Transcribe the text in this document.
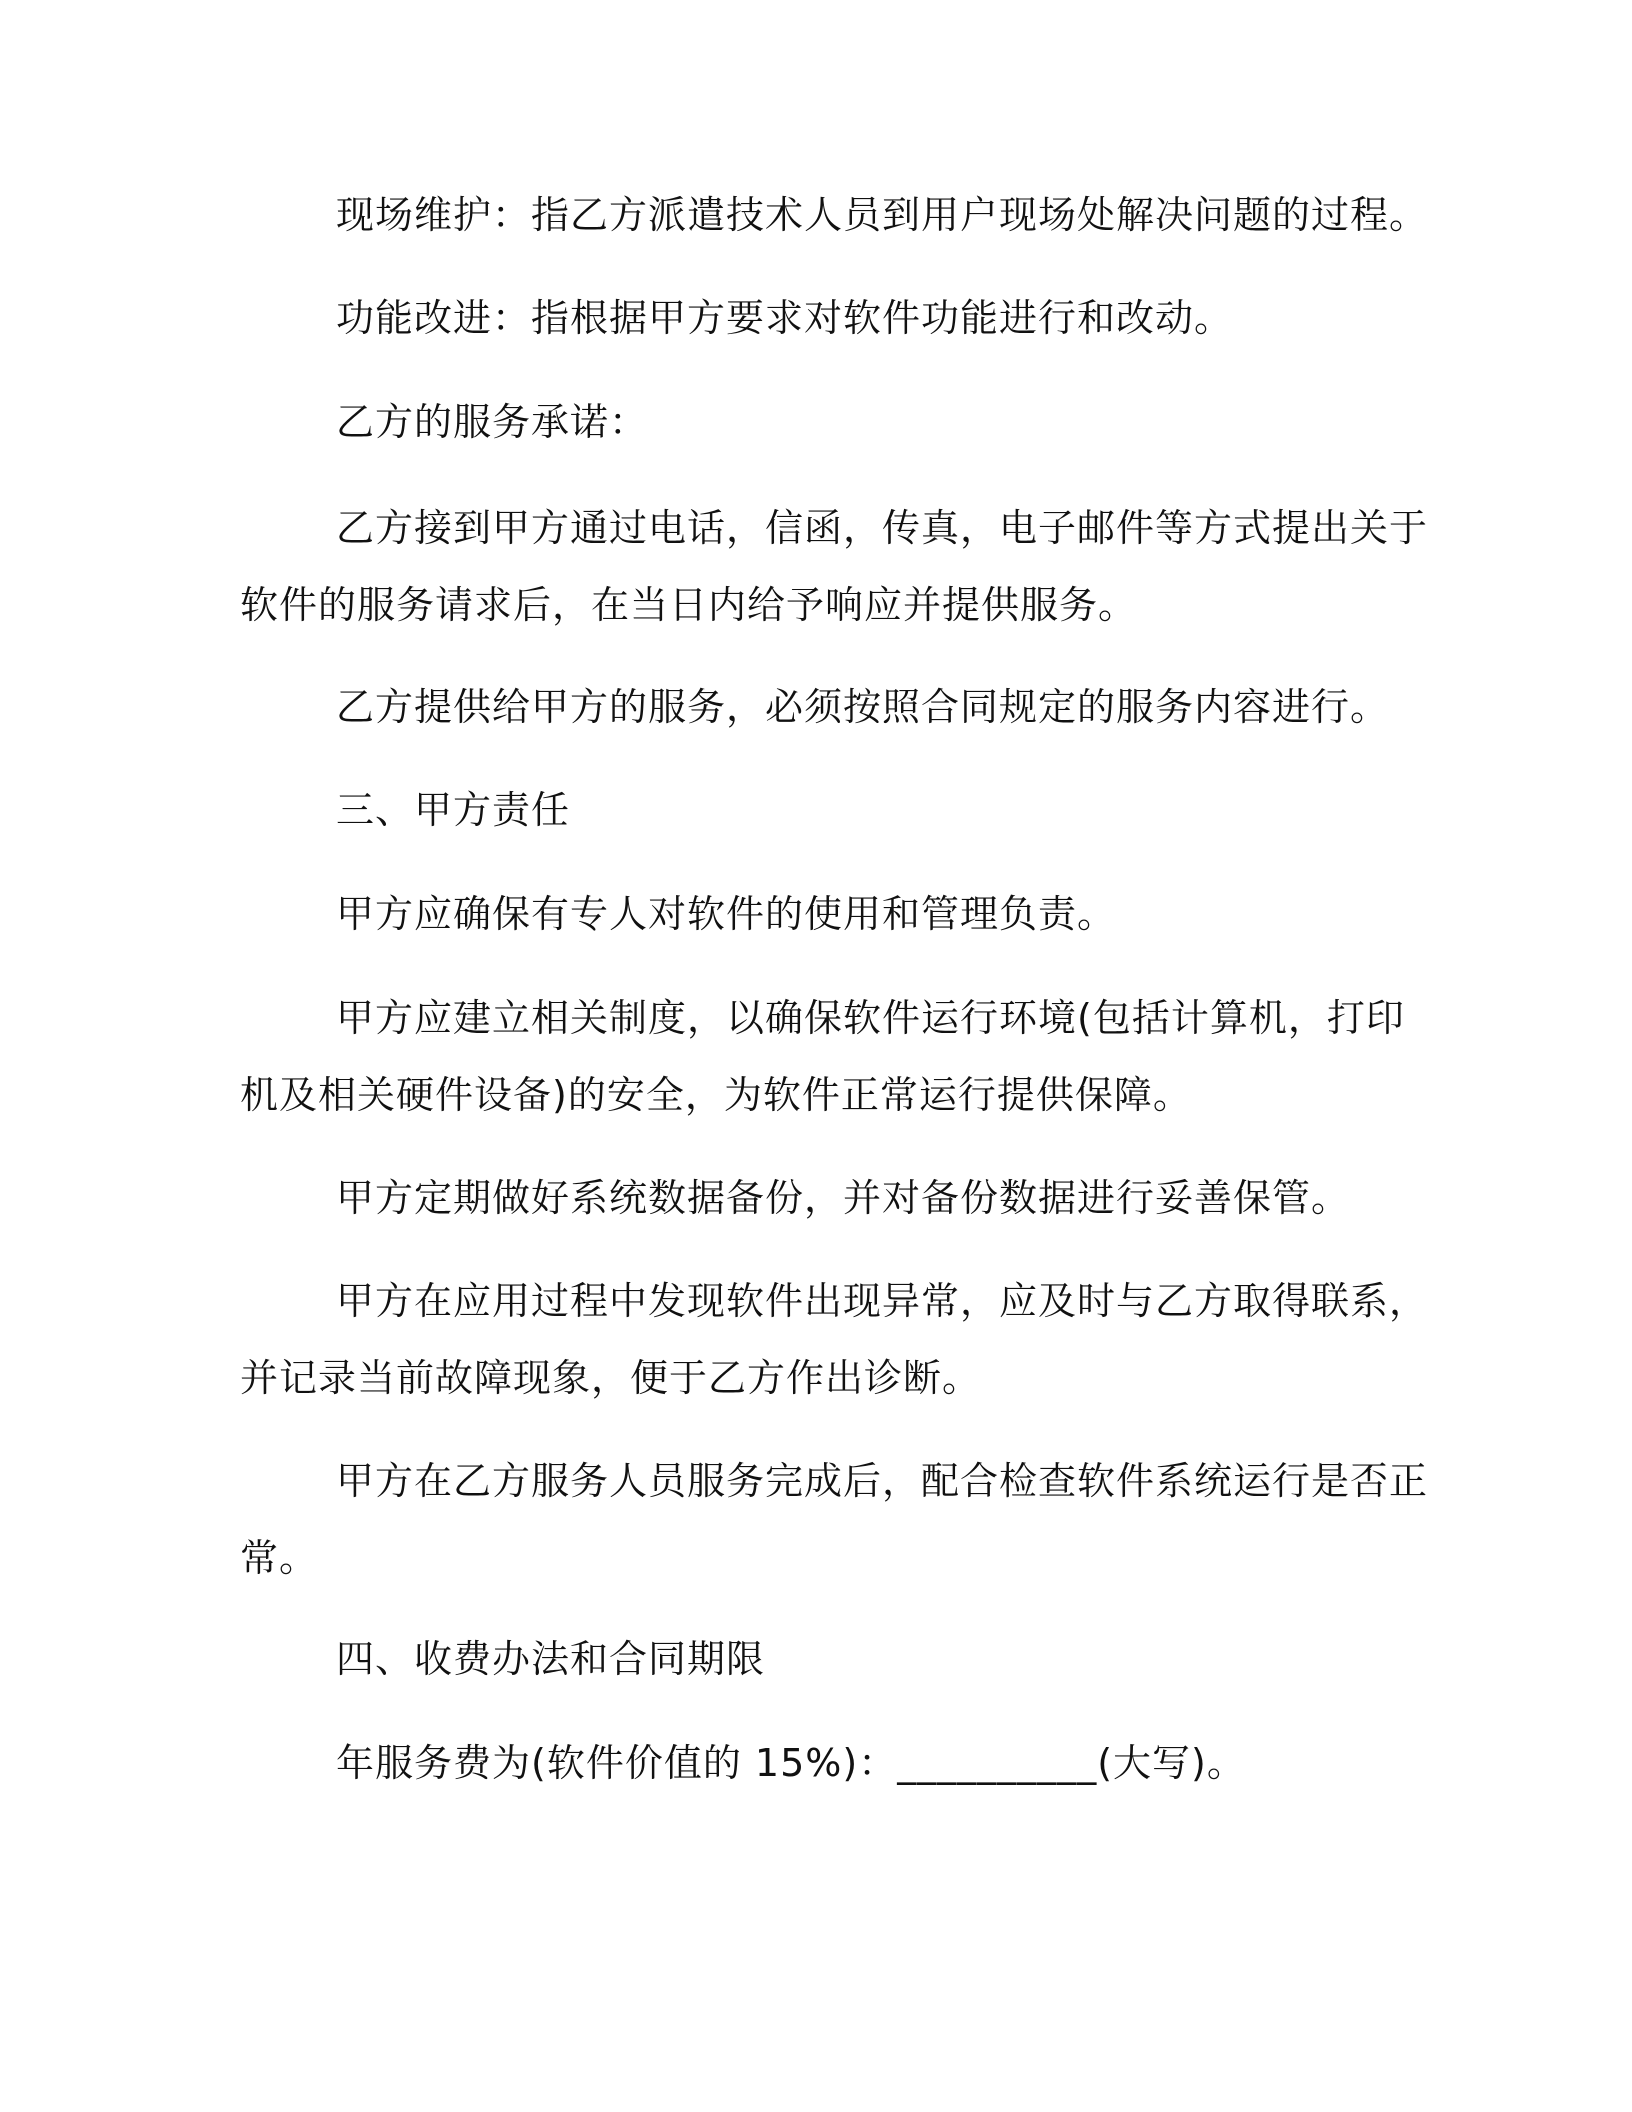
现场维护：指乙方派遣技术人员到用户现场处解决问题的过程。
功能改进：指根据甲方要求对软件功能进行和改动。
乙方的服务承诺：
乙方接到甲方通过电话，信函，传真，电子邮件等方式提出关于
软件的服务请求后，在当日内给予响应并提供服务。
乙方提供给甲方的服务，必须按照合同规定的服务内容进行。
三、甲方责任
甲方应确保有专人对软件的使用和管理负责。
甲方应建立相关制度，以确保软件运行环境(包括计算机，打印
机及相关硬件设备)的安全，为软件正常运行提供保障。
甲方定期做好系统数据备份，并对备份数据进行妥善保管。
甲方在应用过程中发现软件出现异常，应及时与乙方取得联系，
并记录当前故障现象，便于乙方作出诊断。
甲方在乙方服务人员服务完成后，配合检查软件系统运行是否正
常。
四、收费办法和合同期限
年服务费为(软件价值的 15%)：__________(大写)。
